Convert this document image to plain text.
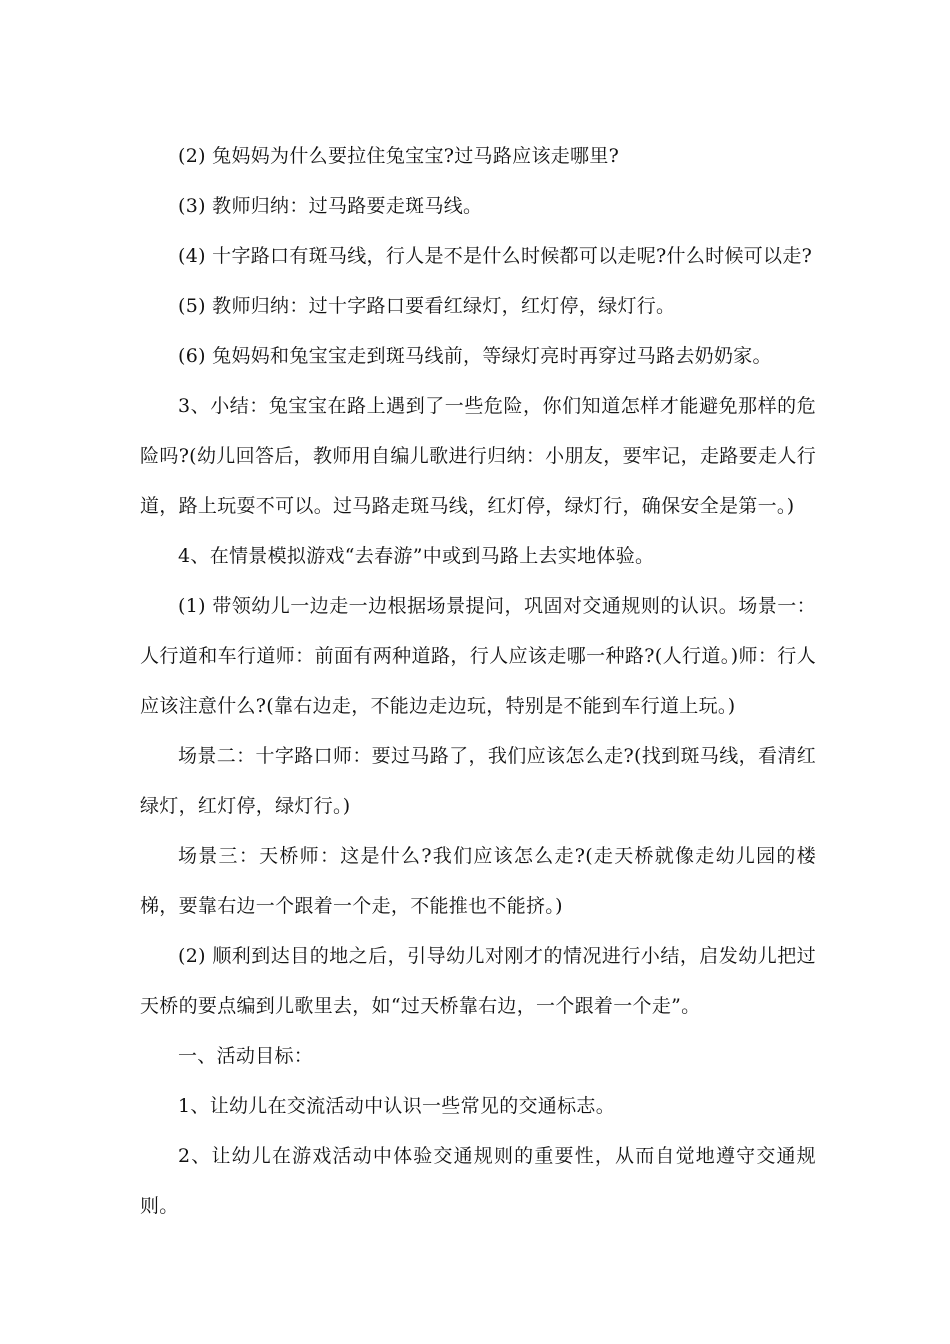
(2) 兔妈妈为什么要拉住兔宝宝?过马路应该走哪里?

(3) 教师归纳：过马路要走斑马线。

(4) 十字路口有斑马线，行人是不是什么时候都可以走呢?什么时候可以走?

(5) 教师归纳：过十字路口要看红绿灯，红灯停，绿灯行。

(6) 兔妈妈和兔宝宝走到斑马线前，等绿灯亮时再穿过马路去奶奶家。

3、小结：兔宝宝在路上遇到了一些危险，你们知道怎样才能避免那样的危险吗?(幼儿回答后，教师用自编儿歌进行归纳：小朋友，要牢记，走路要走人行道，路上玩耍不可以。过马路走斑马线，红灯停，绿灯行，确保安全是第一。)

4、在情景模拟游戏“去春游”中或到马路上去实地体验。

(1) 带领幼儿一边走一边根据场景提问，巩固对交通规则的认识。场景一：人行道和车行道师：前面有两种道路，行人应该走哪一种路?(人行道。)师：行人应该注意什么?(靠右边走，不能边走边玩，特别是不能到车行道上玩。)

场景二：十字路口师：要过马路了，我们应该怎么走?(找到斑马线，看清红绿灯，红灯停，绿灯行。)

场景三：天桥师：这是什么?我们应该怎么走?(走天桥就像走幼儿园的楼梯，要靠右边一个跟着一个走，不能推也不能挤。)

(2) 顺利到达目的地之后，引导幼儿对刚才的情况进行小结，启发幼儿把过天桥的要点编到儿歌里去，如“过天桥靠右边，一个跟着一个走”。

一、活动目标：

1、让幼儿在交流活动中认识一些常见的交通标志。

2、让幼儿在游戏活动中体验交通规则的重要性，从而自觉地遵守交通规则。
